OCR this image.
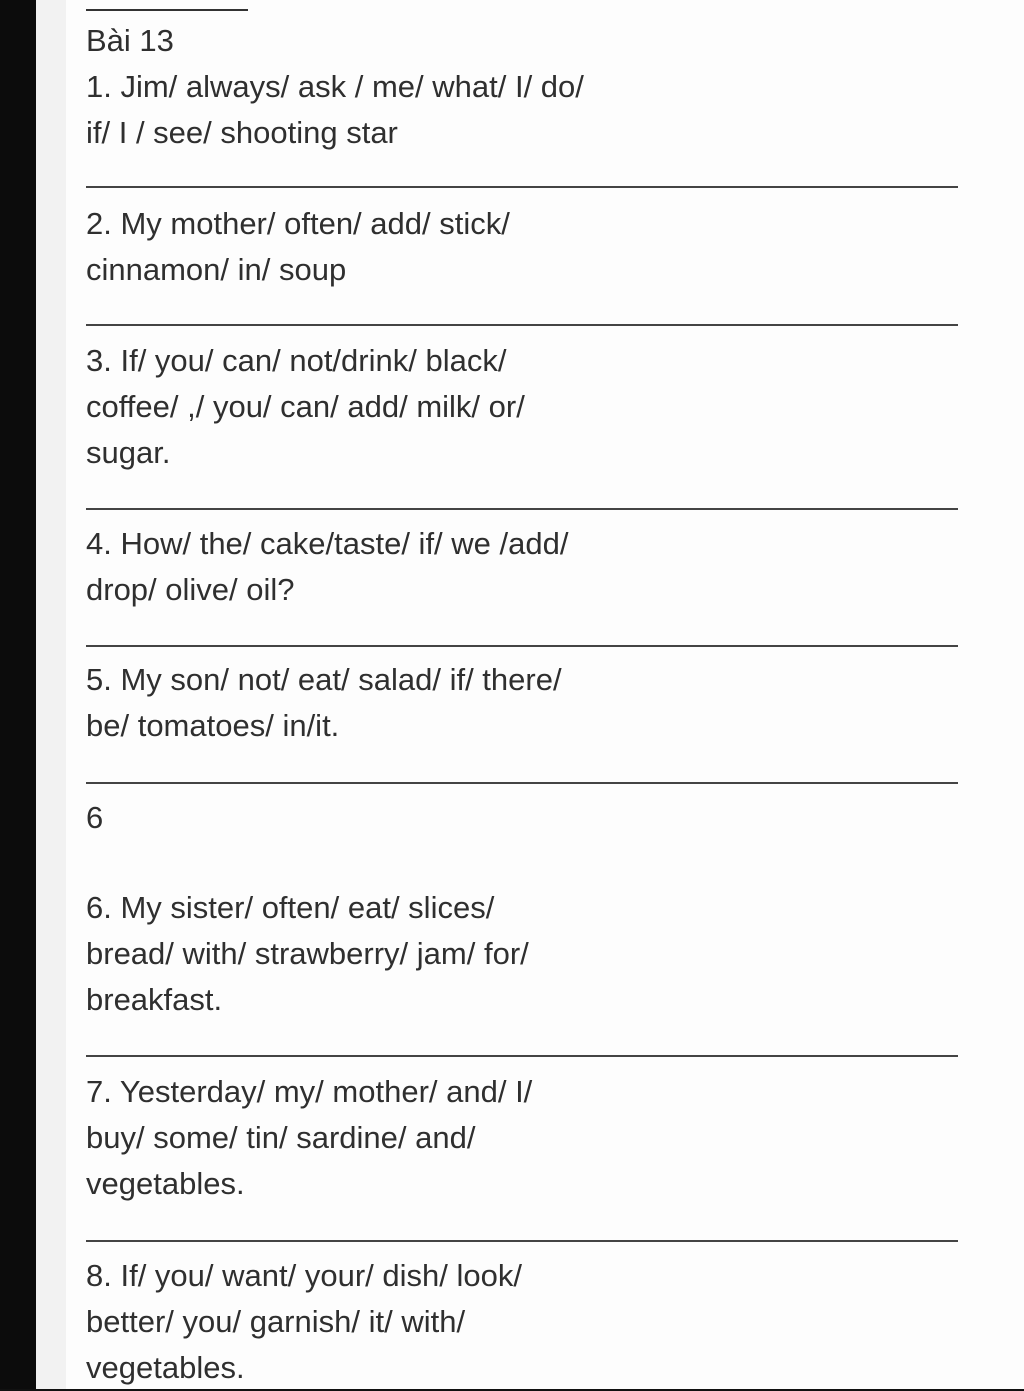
Bài 13
1. Jim/ always/ ask / me/ what/ I/ do/
if/ I / see/ shooting star
2. My mother/ often/ add/ stick/
cinnamon/ in/ soup
3. If/ you/ can/ not/drink/ black/
coffee/ ,/ you/ can/ add/ milk/ or/
sugar.
4. How/ the/ cake/taste/ if/ we /add/
drop/ olive/ oil?
5. My son/ not/ eat/ salad/ if/ there/
be/ tomatoes/ in/it.
6
6. My sister/ often/ eat/ slices/
bread/ with/ strawberry/ jam/ for/
breakfast.
7. Yesterday/ my/ mother/ and/ I/
buy/ some/ tin/ sardine/ and/
vegetables.
8. If/ you/ want/ your/ dish/ look/
better/ you/ garnish/ it/ with/
vegetables.
